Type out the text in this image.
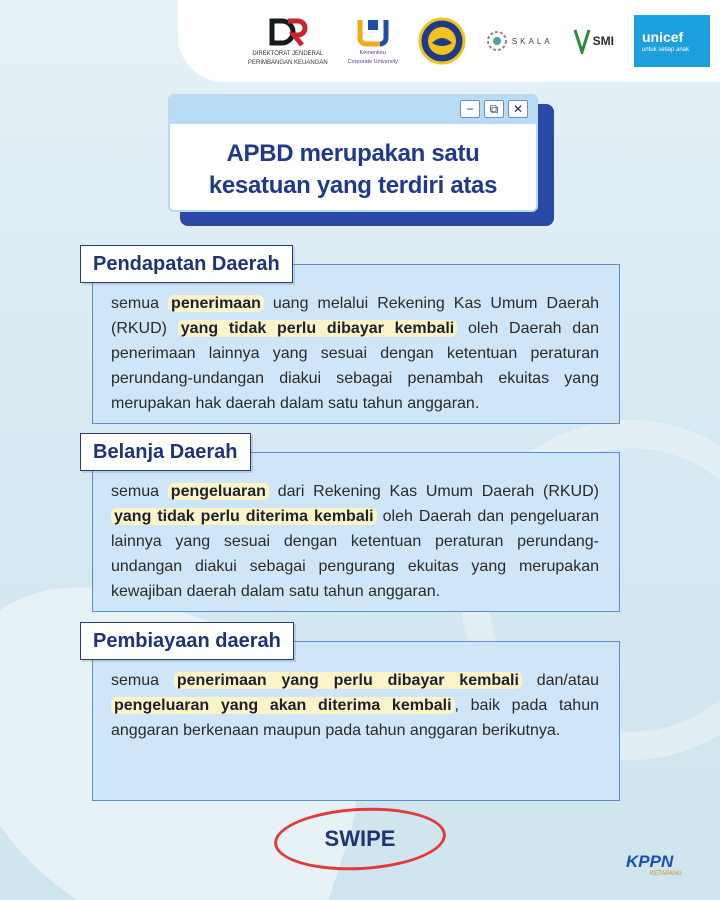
DIREKTORAT JENDERAL
PERIMBANGAN KEUANGAN
Kemenkeu
Corporate University
SKALA	SMI unicef
untuk setiap anak
−	⧉	✕
APBD merupakan satu
kesatuan yang terdiri atas

semua penerimaan uang melalui Rekening Kas Umum Daerah (RKUD) yang tidak perlu dibayar kembali oleh Daerah dan penerimaan lainnya yang sesuai dengan ketentuan peraturan perundang-undangan diakui sebagai penambah ekuitas yang merupakan hak daerah dalam satu tahun anggaran.

Pendapatan Daerah

semua pengeluaran dari Rekening Kas Umum Daerah (RKUD) yang tidak perlu diterima kembali oleh Daerah dan pengeluaran lainnya yang sesuai dengan ketentuan peraturan perundang-undangan diakui sebagai pengurang ekuitas yang merupakan kewajiban daerah dalam satu tahun anggaran.

Belanja Daerah

semua penerimaan yang perlu dibayar kembali dan/atau pengeluaran yang akan diterima kembali , baik pada tahun anggaran berkenaan maupun pada tahun anggaran berikutnya.

Pembiayaan daerah
SWIPE
KPPN
KETAPANG
